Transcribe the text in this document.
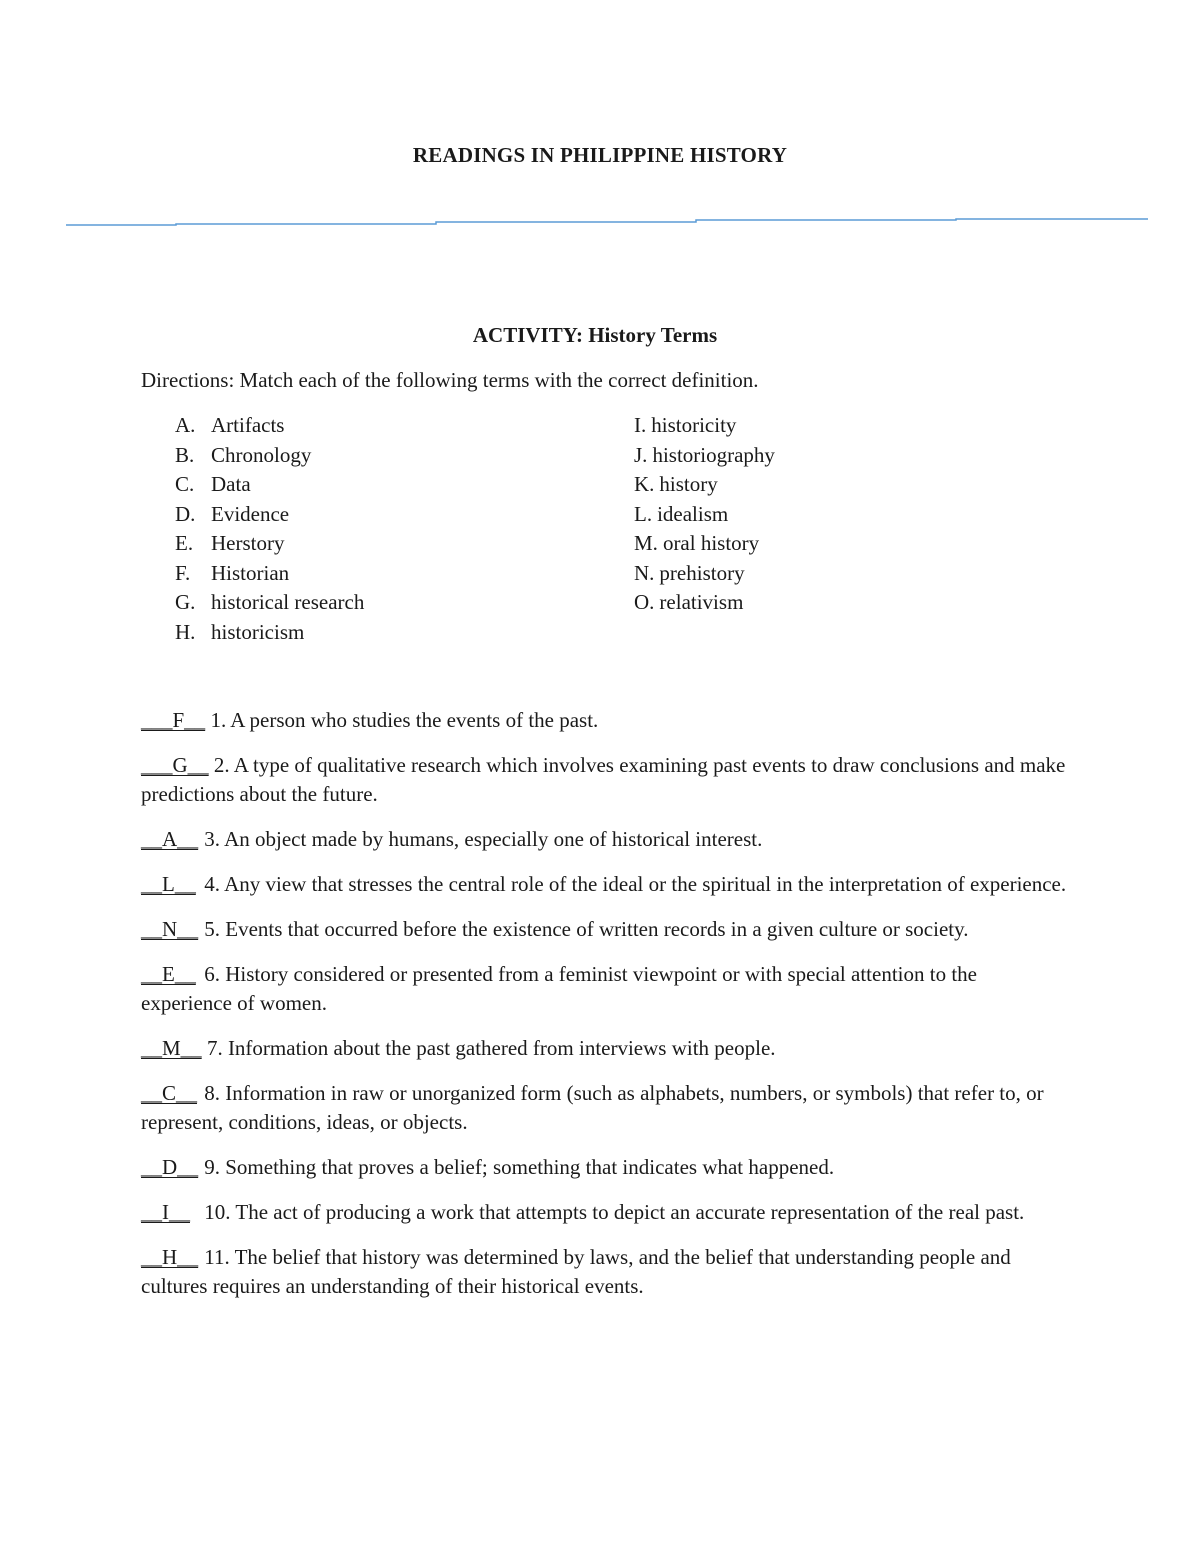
READINGS IN PHILIPPINE HISTORY
ACTIVITY: History Terms
Directions: Match each of the following terms with the correct definition.
A. Artifacts
B. Chronology
C. Data
D. Evidence
E. Herstory
F. Historian
G. historical research
H. historicism
I. historicity
J. historiography
K. history
L. idealism
M. oral history
N. prehistory
O. relativism

___F__ 1. A person who studies the events of the past.

___G__ 2. A type of qualitative research which involves examining past events to draw conclusions and make predictions about the future.

__A__ 3. An object made by humans, especially one of historical interest.

__L__ 4. Any view that stresses the central role of the ideal or the spiritual in the interpretation of experience.

__N__ 5. Events that occurred before the existence of written records in a given culture or society.

__E__ 6. History considered or presented from a feminist viewpoint or with special attention to the experience of women.

__M__ 7. Information about the past gathered from interviews with people.

__C__ 8. Information in raw or unorganized form (such as alphabets, numbers, or symbols) that refer to, or represent, conditions, ideas, or objects.

__D__ 9. Something that proves a belief; something that indicates what happened.

__I__ 10. The act of producing a work that attempts to depict an accurate representation of the real past.

__H__ 11. The belief that history was determined by laws, and the belief that understanding people and cultures requires an understanding of their historical events.
